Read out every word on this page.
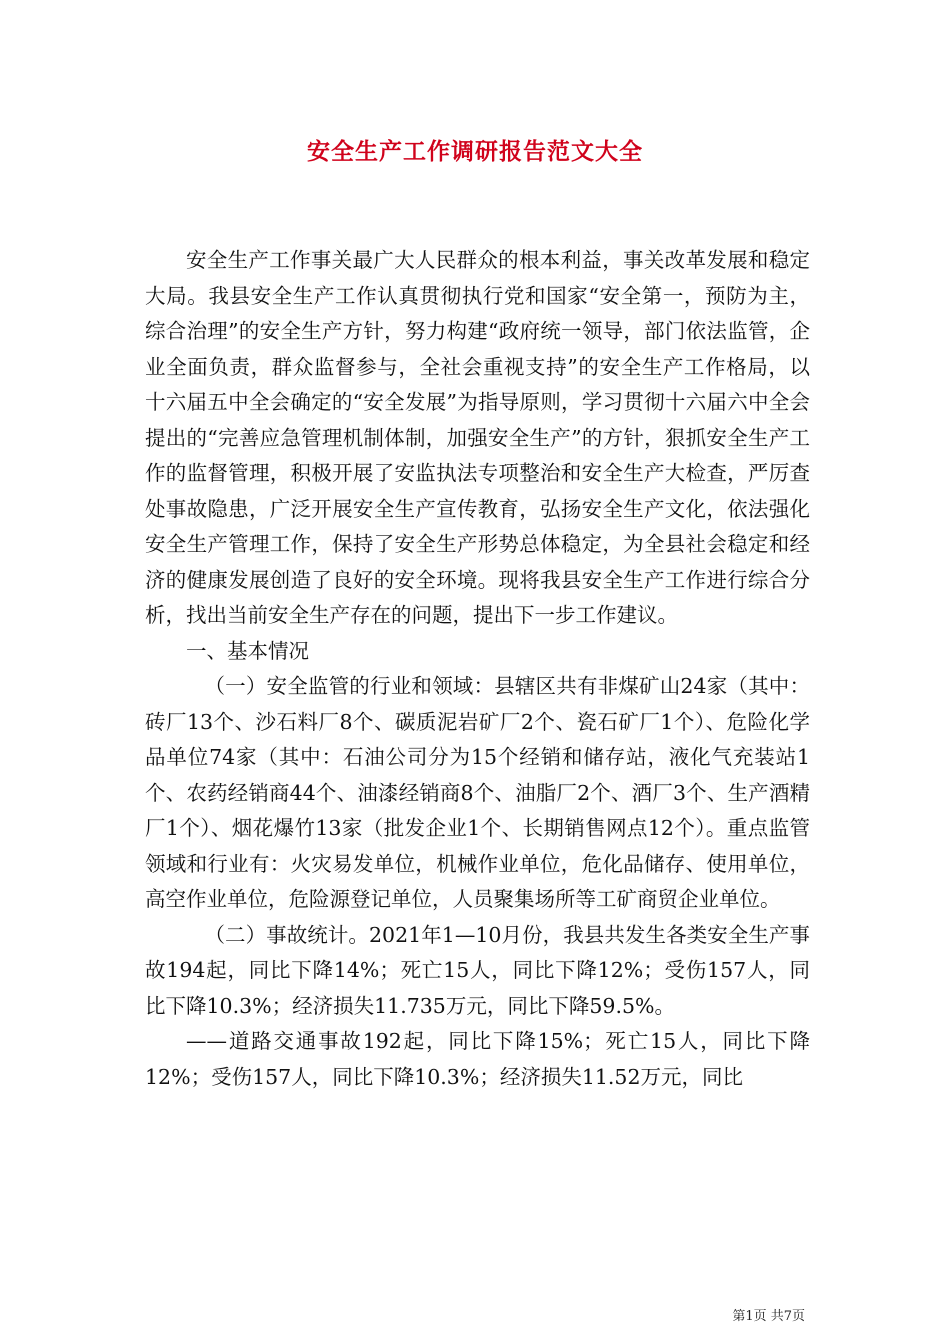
安全生产工作调研报告范文大全

安全生产工作事关最广大人民群众的根本利益，事关改革发展和稳定大局。我县安全生产工作认真贯彻执行党和国家“安全第一，预防为主，综合治理”的安全生产方针，努力构建“政府统一领导，部门依法监管，企业全面负责，群众监督参与，全社会重视支持”的安全生产工作格局，以十六届五中全会确定的“安全发展”为指导原则，学习贯彻十六届六中全会提出的“完善应急管理机制体制，加强安全生产”的方针，狠抓安全生产工作的监督管理，积极开展了安监执法专项整治和安全生产大检查，严厉查处事故隐患，广泛开展安全生产宣传教育，弘扬安全生产文化，依法强化安全生产管理工作，保持了安全生产形势总体稳定，为全县社会稳定和经济的健康发展创造了良好的安全环境。现将我县安全生产工作进行综合分析，找出当前安全生产存在的问题，提出下一步工作建议。

一、基本情况

（一）安全监管的行业和领域：县辖区共有非煤矿山24家（其中：砖厂13个、沙石料厂8个、碳质泥岩矿厂2个、瓷石矿厂1个）、危险化学品单位74家（其中：石油公司分为15个经销和储存站，液化气充装站1个、农药经销商44个、油漆经销商8个、油脂厂2个、酒厂3个、生产酒精厂1个）、烟花爆竹13家（批发企业1个、长期销售网点12个）。重点监管领域和行业有：火灾易发单位，机械作业单位，危化品储存、使用单位，高空作业单位，危险源登记单位，人员聚集场所等工矿商贸企业单位。

（二）事故统计。2021年1—10月份，我县共发生各类安全生产事故194起，同比下降14%；死亡15人，同比下降12%；受伤157人，同比下降10.3%；经济损失11.735万元，同比下降59.5%。

——道路交通事故192起，同比下降15%；死亡15人，同比下降12%；受伤157人，同比下降10.3%；经济损失11.52万元，同比

第1页 共7页
